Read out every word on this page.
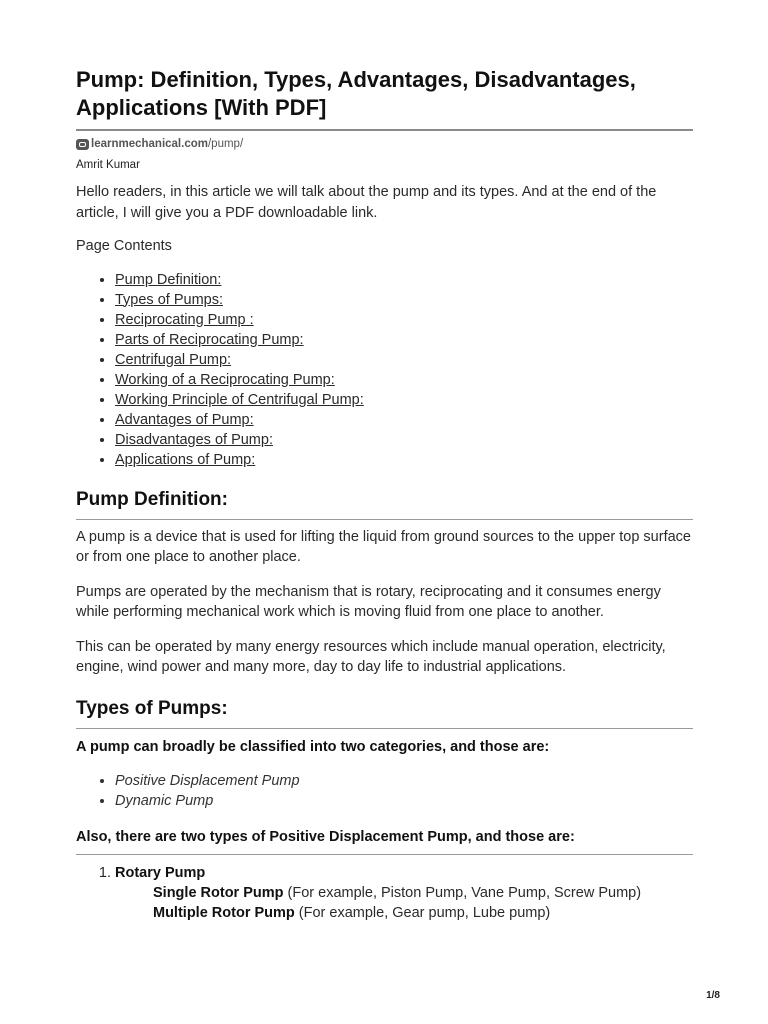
Pump: Definition, Types, Advantages, Disadvantages, Applications [With PDF]
learnmechanical.com /pump/
Amrit Kumar

Hello readers, in this article we will talk about the pump and its types. And at the end of the article, I will give you a PDF downloadable link.

Page Contents

• Pump Definition:
• Types of Pumps:
• Reciprocating Pump :
• Parts of Reciprocating Pump:
• Centrifugal Pump:
• Working of a Reciprocating Pump:
• Working Principle of Centrifugal Pump:
• Advantages of Pump:
• Disadvantages of Pump:
• Applications of Pump:
Pump Definition:

A pump is a device that is used for lifting the liquid from ground sources to the upper top surface or from one place to another place.

Pumps are operated by the mechanism that is rotary, reciprocating and it consumes energy while performing mechanical work which is moving fluid from one place to another.

This can be operated by many energy resources which include manual operation, electricity, engine, wind power and many more, day to day life to industrial applications.

Types of Pumps:
A pump can broadly be classified into two categories, and those are:
• Positive Displacement Pump
• Dynamic Pump
Also, there are two types of Positive Displacement Pump, and those are:
1. Rotary Pump
Single Rotor Pump (For example, Piston Pump, Vane Pump, Screw Pump)
Multiple Rotor Pump (For example, Gear pump, Lube pump)
1/8
